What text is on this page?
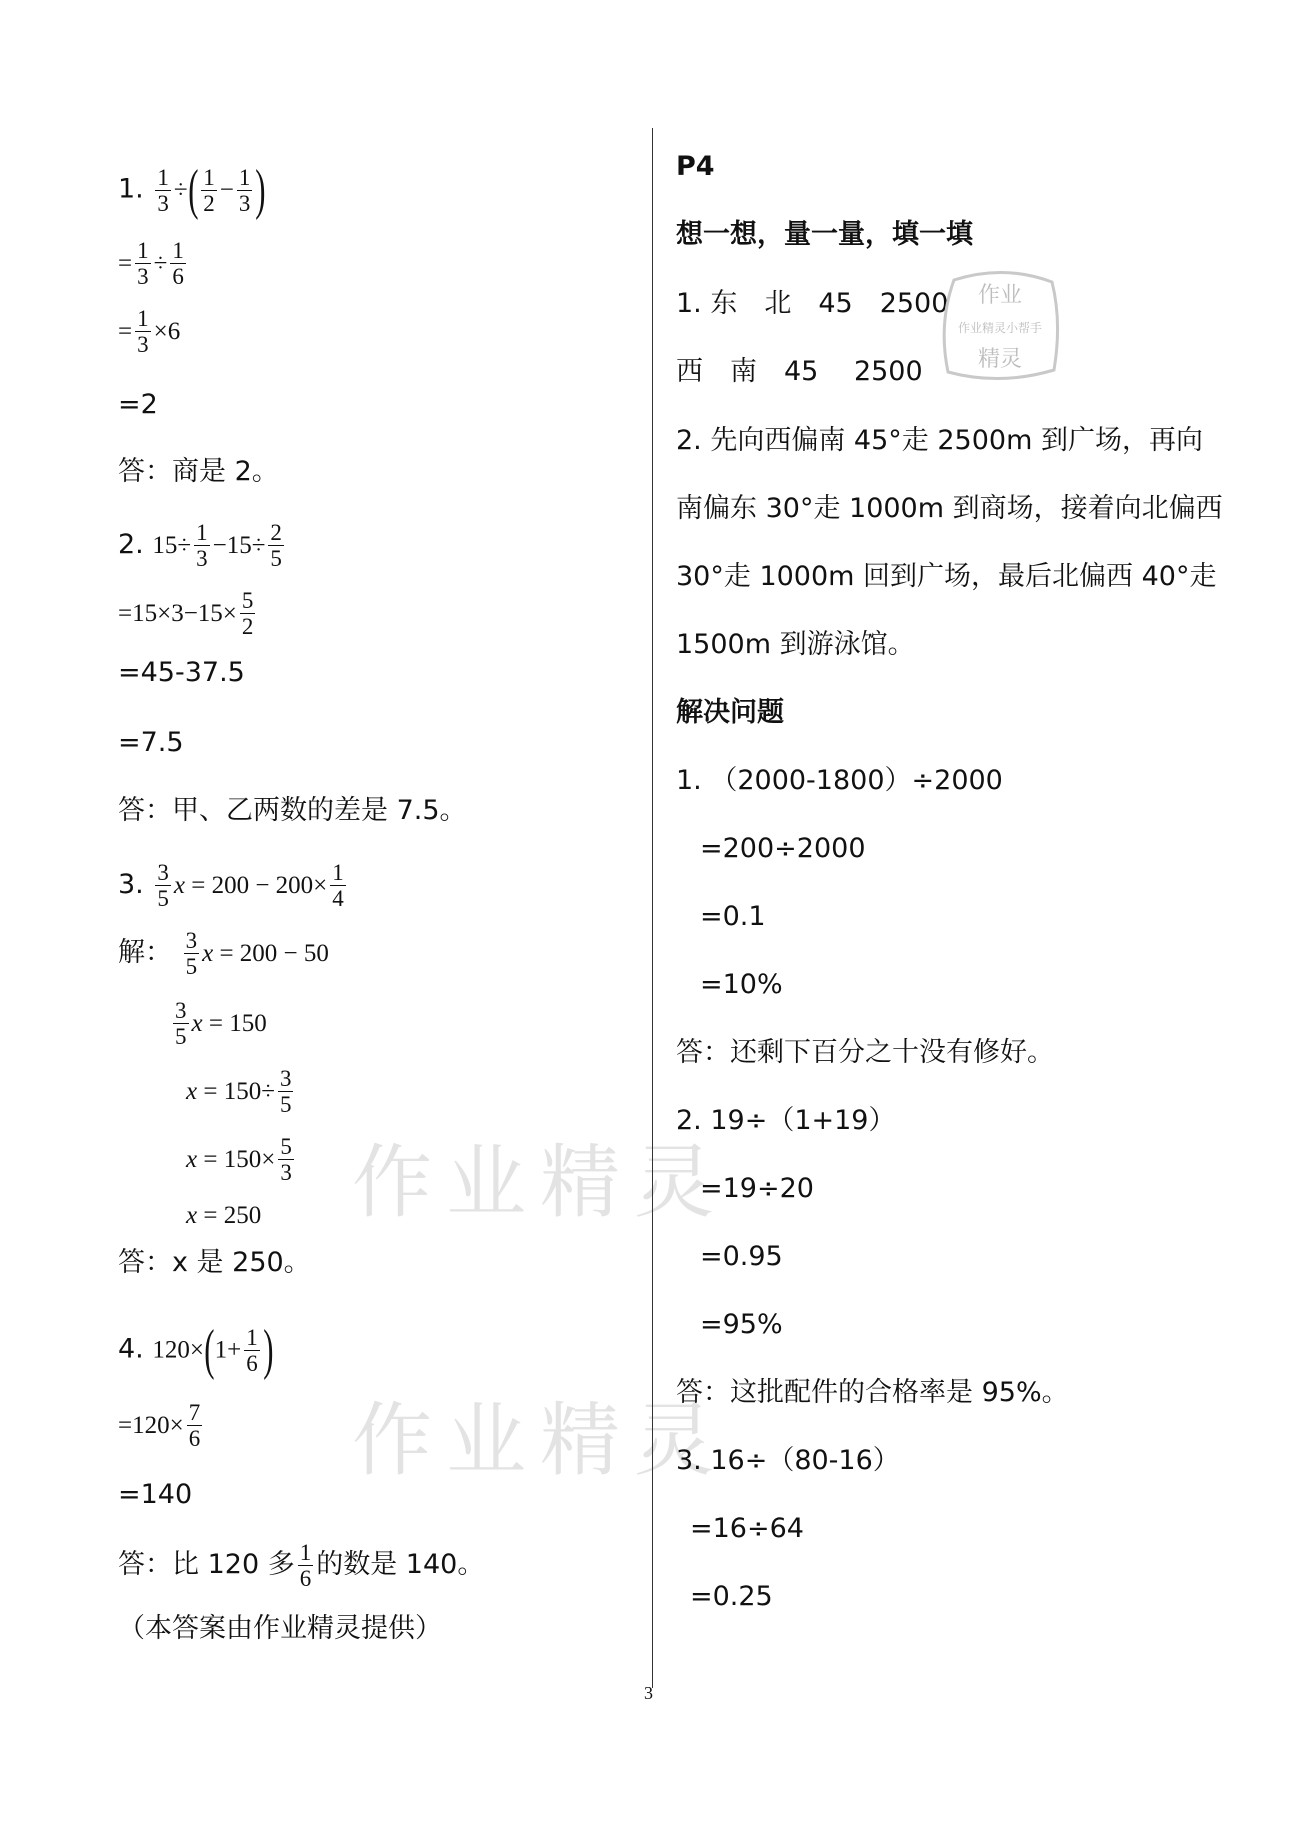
1. $\frac{1}{3}$ ÷( $\frac{1}{2} - \frac{1}{3}$ )
= $\frac{1}{3} \div \frac{1}{6}$
= $\frac{1}{3} \times 6$
=2
答：商是 2。
2. $15\div \frac{1}{3} -15\div \frac{2}{5}$
$=15\times 3-15\times \frac{5}{2}$
=45-37.5
=7.5
答：甲、乙两数的差是 7.5。
3. $\frac{3}{5}$ $x = 200 - 200\times \frac{1}{4}$
解： $\frac{3}{5}$ x = 200 − 50
$\frac{3}{5}$ x = 150
$x = 150\div \frac{3}{5}$
$x = 150\times \frac{5}{3}$
x = 250
答：x 是 250。
4. $120\times(1+ \frac{1}{6}$ )
$=120\times \frac{7}{6}$
=140
答：比 120 多 $\frac{1}{6}$ 的数是 140。
（本答案由作业精灵提供）
作业精灵
作业精灵
P4
想一想，量一量，填一填
1. 东　北　45　2500
西　南　45　 2500
2. 先向西偏南 45°走 2500m 到广场，再向
南偏东 30°走 1000m 到商场，接着向北偏西
30°走 1000m 回到广场，最后北偏西 40°走
1500m 到游泳馆。
解决问题
1. （2000-1800）÷2000
=200÷2000
=0.1
=10%
答：还剩下百分之十没有修好。
2. 19÷（1+19）
=19÷20
=0.95
=95%
答：这批配件的合格率是 95%。
3. 16÷（80-16）
=16÷64
=0.25
作业
作业精灵小帮手
精灵
3
